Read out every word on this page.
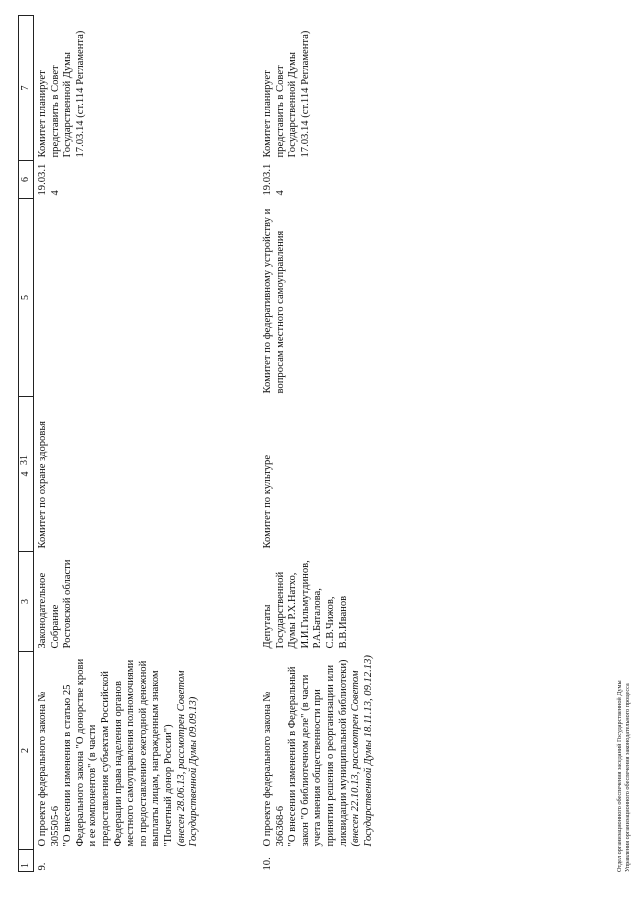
31
1	2	3	4	5	6	7
9.	О проекте федерального закона № 305505-6 "О внесении изменения в статью 25 Федерального закона "О донорстве крови и ее компонентов" (в части предоставления субъектам Российской Федерации права наделения органов местного самоуправления полномочиями по предоставлению ежегодной денежной выплаты лицам, награжденным знаком "Почетный донор России") (внесен 28.06.13, рассмотрен Советом Государственной Думы 09.09.13)	Законодательное Собрание Ростовской области	Комитет по охране здоровья		19.03.14	Комитет планирует представить в Совет Государственной Думы 17.03.14 (ст.114 Регламента)
10.	О проекте федерального закона № 366368-6 "О внесении изменений в Федеральный закон "О библиотечном деле" (в части учета мнения общественности при принятии решения о реорганизации или ликвидации муниципальной библиотеки) (внесен 22.10.13, рассмотрен Советом Государственной Думы 18.11.13, 09.12.13)	Депутаты Государственной Думы Р.Х.Натхо, И.И.Гильмутдинов, Р.А.Баталова, С.В.Чижов, В.В.Иванов	Комитет по культуре	Комитет по федеративному устройству и вопросам местного самоуправления	19.03.14	Комитет планирует представить в Совет Государственной Думы 17.03.14 (ст.114 Регламента)
Отдел организационного обеспечения заседаний Государственной Думы Управления организационного обеспечения законодательного процесса
